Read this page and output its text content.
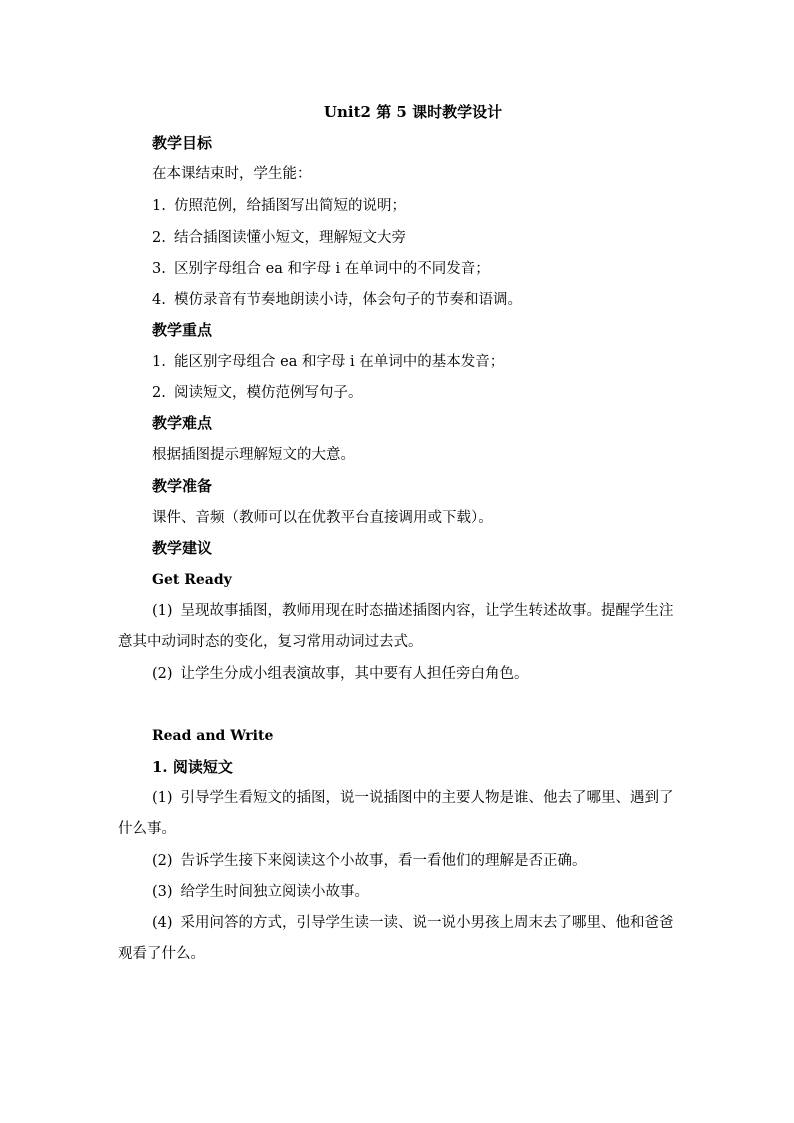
Unit2 第 5 课时教学设计
教学目标
在本课结束时，学生能：
1. 仿照范例，给插图写出简短的说明；
2. 结合插图读懂小短文，理解短文大旁
3. 区别字母组合 ea 和字母 i 在单词中的不同发音；
4. 模仿录音有节奏地朗读小诗，体会句子的节奏和语调。
教学重点
1. 能区别字母组合 ea 和字母 i 在单词中的基本发音；
2. 阅读短文，模仿范例写句子。
教学难点
根据插图提示理解短文的大意。
教学准备
课件、音频（教师可以在优教平台直接调用或下载）。
教学建议
Get Ready
(1) 呈现故事插图，教师用现在时态描述插图内容，让学生转述故事。提醒学生注意其中动词时态的变化，复习常用动词过去式。
(2) 让学生分成小组表演故事，其中要有人担任旁白角色。
Read and Write
1. 阅读短文
(1) 引导学生看短文的插图，说一说插图中的主要人物是谁、他去了哪里、遇到了什么事。
(2) 告诉学生接下来阅读这个小故事，看一看他们的理解是否正确。
(3) 给学生时间独立阅读小故事。
(4) 采用问答的方式，引导学生读一读、说一说小男孩上周末去了哪里、他和爸爸观看了什么。
